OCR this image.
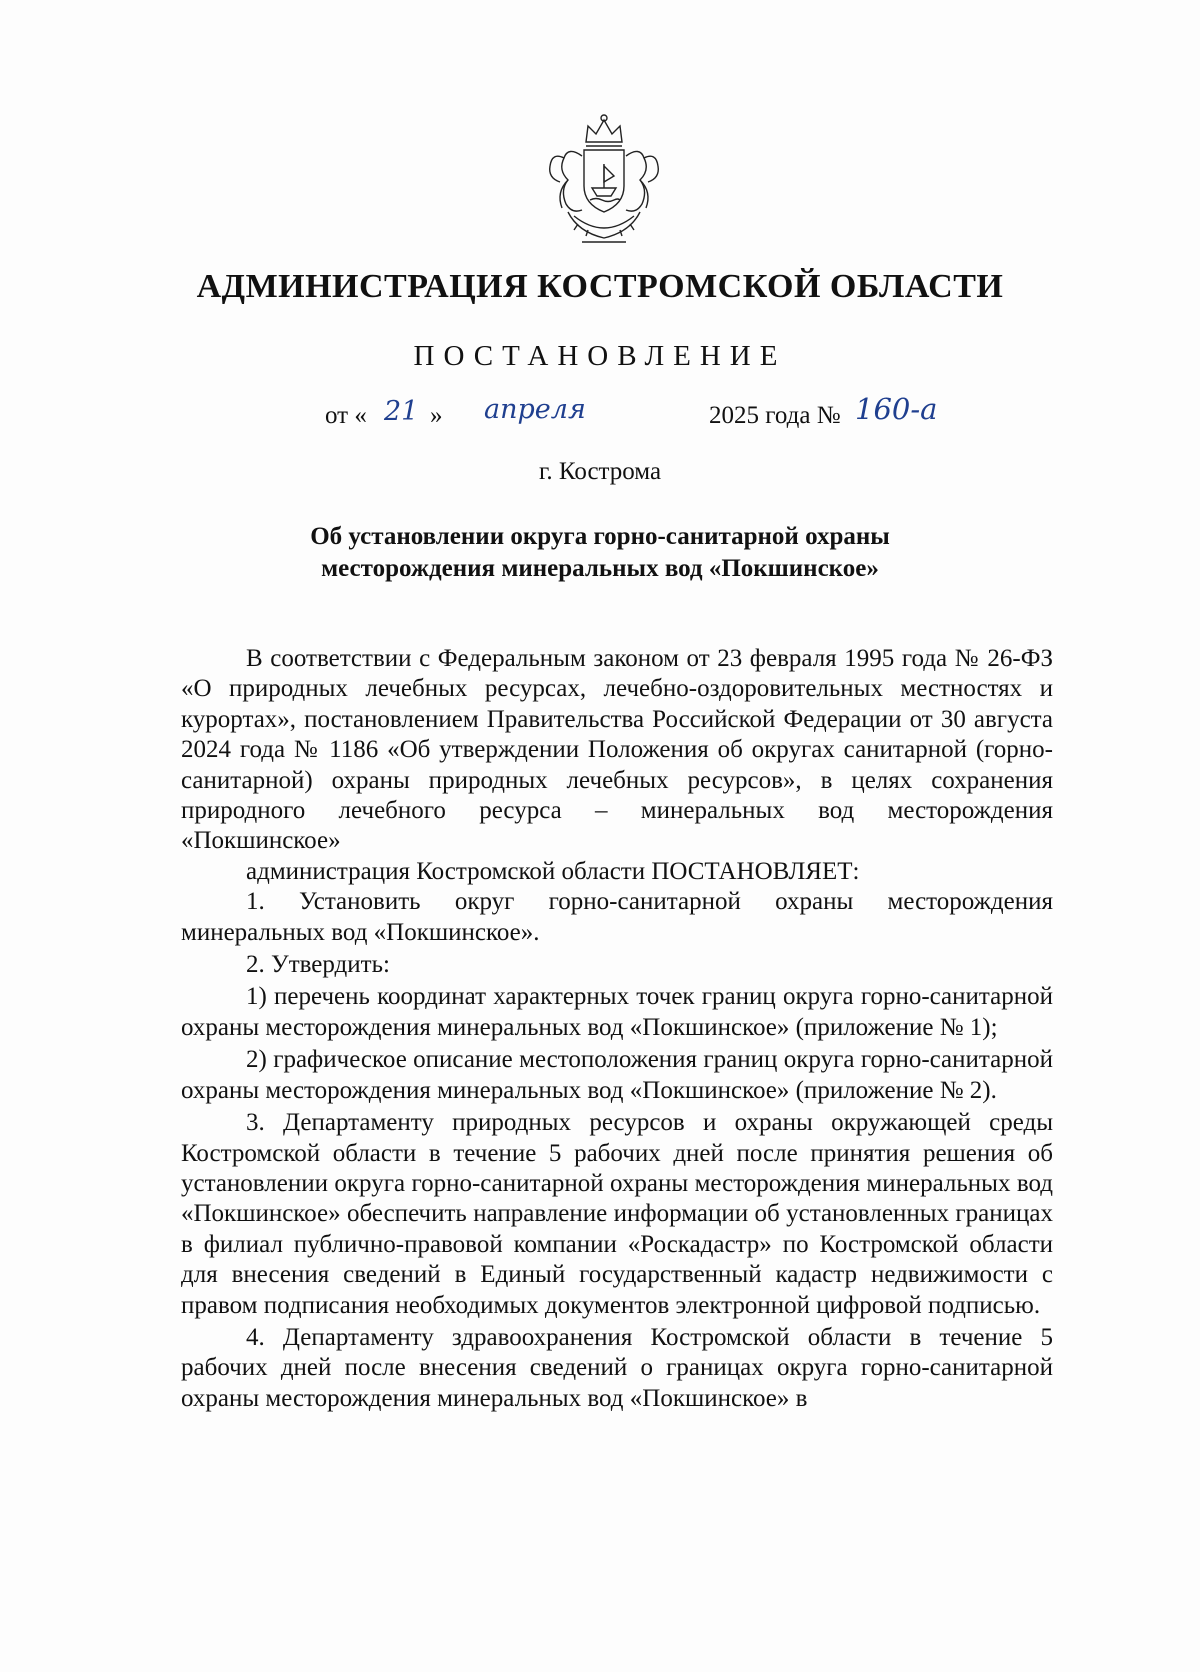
АДМИНИСТРАЦИЯ КОСТРОМСКОЙ ОБЛАСТИ
ПОСТАНОВЛЕНИЕ
от « 21 » апреля	2025 года № 160-а
г. Кострома
Об установлении округа горно-санитарной охраны
месторождения минеральных вод «Покшинское»

В соответствии с Федеральным законом от 23 февраля 1995 года № 26-ФЗ «О природных лечебных ресурсах, лечебно-оздоровительных местностях и курортах», постановлением Правительства Российской Федерации от 30 августа 2024 года № 1186 «Об утверждении Положения об округах санитарной (горно-санитарной) охраны природных лечебных ресурсов», в целях сохранения природного лечебного ресурса – минеральных вод месторождения «Покшинское»

администрация Костромской области ПОСТАНОВЛЯЕТ:

1. Установить округ горно-санитарной охраны месторождения минеральных вод «Покшинское».

2. Утвердить:

1) перечень координат характерных точек границ округа горно-санитарной охраны месторождения минеральных вод «Покшинское» (приложение № 1);

2) графическое описание местоположения границ округа горно-санитарной охраны месторождения минеральных вод «Покшинское» (приложение № 2).

3. Департаменту природных ресурсов и охраны окружающей среды Костромской области в течение 5 рабочих дней после принятия решения об установлении округа горно-санитарной охраны месторождения минеральных вод «Покшинское» обеспечить направление информации об установленных границах в филиал публично-правовой компании «Роскадастр» по Костромской области для внесения сведений в Единый государственный кадастр недвижимости с правом подписания необходимых документов электронной цифровой подписью.

4. Департаменту здравоохранения Костромской области в течение 5 рабочих дней после внесения сведений о границах округа горно-санитарной охраны месторождения минеральных вод «Покшинское» в
